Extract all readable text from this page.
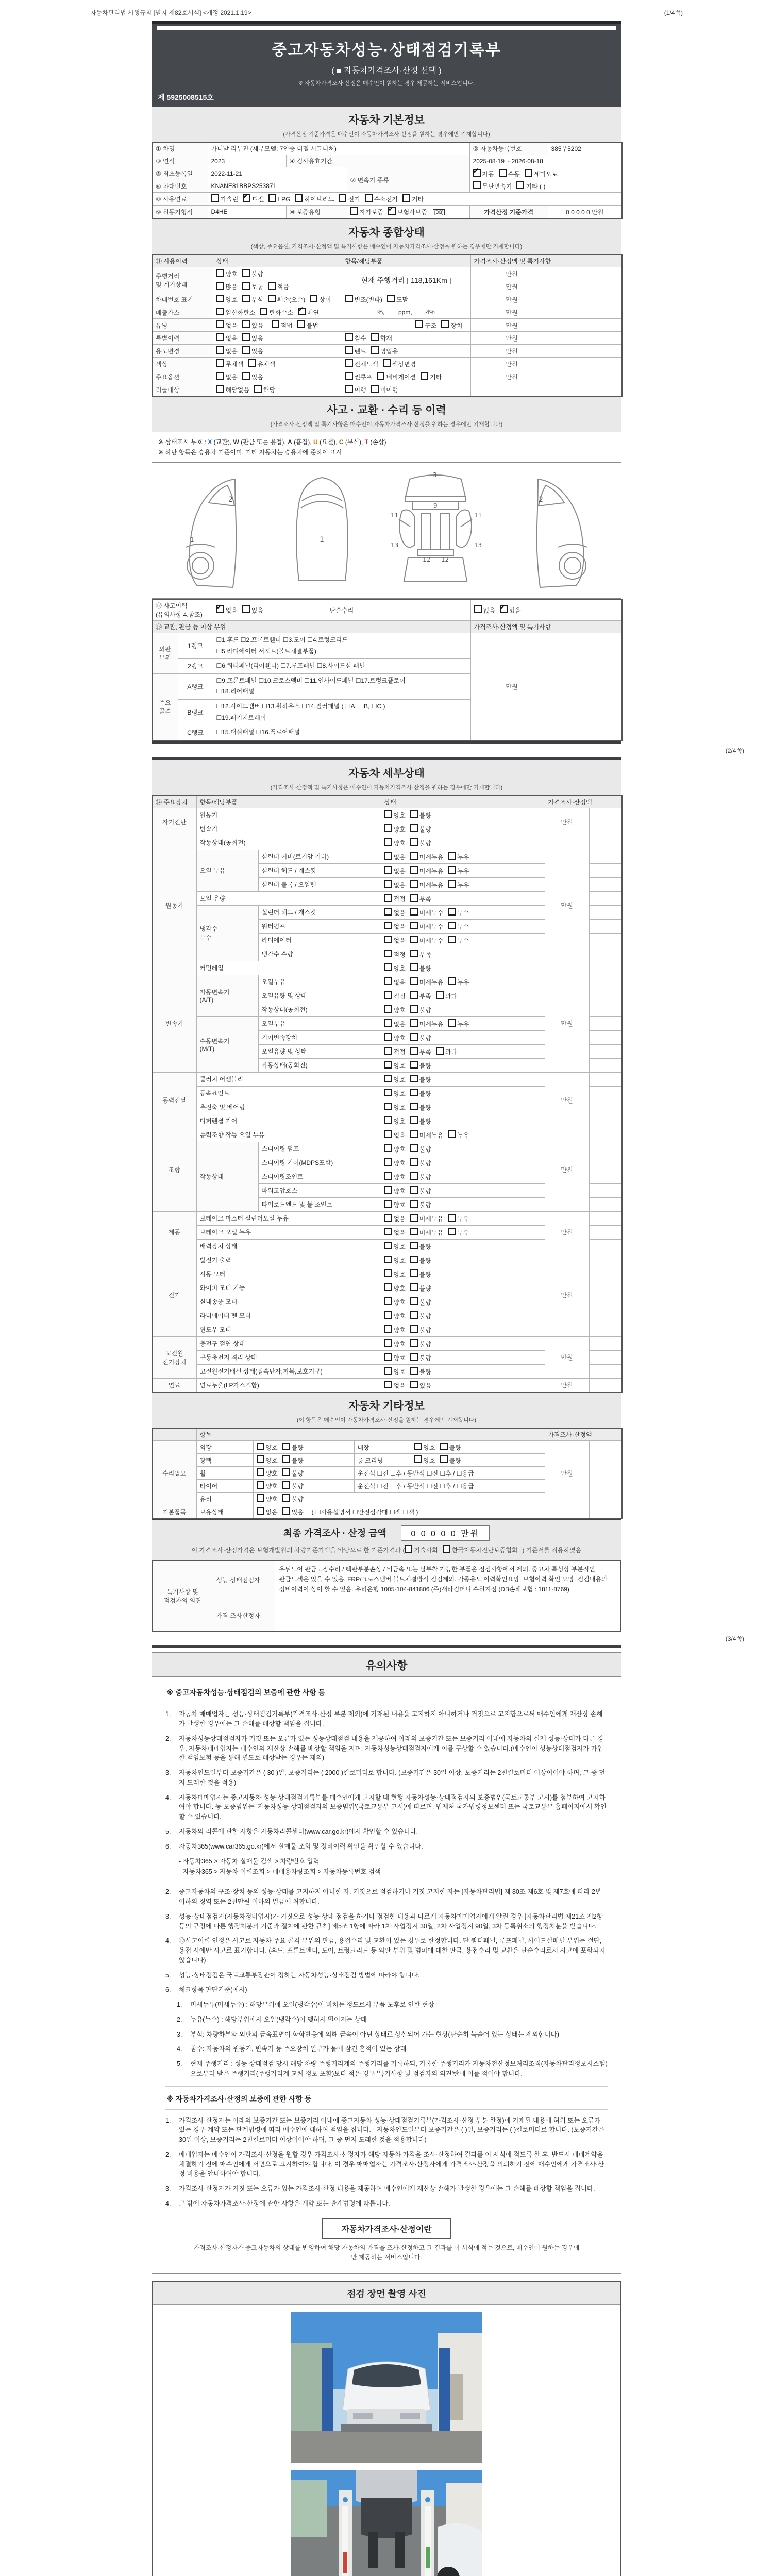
자동차관리법 시행규칙 [별지 제82호서식] <개정 2021.1.19>	(1/4쪽)
중고자동차성능·상태점검기록부
( ■ 자동차가격조사·산정 선택 )
※ 자동차가격조사·산정은 매수인이 원하는 경우 제공하는 서비스입니다.
제 5925008515호
자동차 기본정보
(가격산정 기준가격은 매수인이 자동차가격조사·산정을 원하는 경우에만 기재합니다)
① 차명	카니발 리무진 (세부모델: 7인승 디젤 시그니처)			② 자동차등록번호	385무5202
③ 연식	2023	④ 검사유효기간		2025-08-19 ~ 2026-08-18	
⑤ 최초등록일	2022-11-21		⑦ 변속기 종류	✔자동 수동 세미오토
⑥ 차대번호	KNANE81BBPS253871			무단변속기 기타 ( )	
⑧ 사용연료	가솔린 ✔ 디젤 LPG 하이브리드 전기 수소전기 기타
⑨ 원동기형식	D4HE	⑩ 보증유형	자가보증 ✔ 보험사보증 [DB]	가격산정 기준가격	0 0 0 0 0 만원
자동차 종합상태
(색상, 주요옵션, 가격조사·산정액 및 특기사항은 매수인이 자동차가격조사·산정을 원하는 경우에만 기재합니다)
⑪ 사용이력	상태	항목/해당부품	가격조사·산정액 및 특기사항	
주행거리
및 계기상태	양호 불량	현재 주행거리 [ 118,161Km ]	만원	
	많음 보통 적음		만원	
차대번호 표기	양호 부식 훼손(오손) 상이	변조(변타) 도말	만원	
배출가스	일산화탄소 탄화수소 ✔ 매연	%,        ppm,        4%	만원	
튜닝	없음 있음 적법 불법	구조 장치	만원	
특별이력	없음 있음	침수 화재	만원	
용도변경	없음 있음	렌트 영업용	만원	
색상	무채색 유채색	전체도색 색상변경	만원	
주요옵션	없음 있음	썬루프 네비게이션 기타	만원	
리콜대상	해당없음 해당	이행 미이행		
사고 · 교환 · 수리 등 이력
(가격조사·산정액 및 특기사항은 매수인이 자동차가격조사·산정을 원하는 경우에만 기재합니다)
※ 상태표시 부호 : X (교환), W (판금 또는 용접), A (흠집), U (요철), C (부식), T (손상)
※ 하단 항목은 승용차 기준이며, 기타 자동차는 승용차에 준하여 표시
2
1	1
3
9
11	11
13	13
12 12
2
⑫ 사고이력 (유의사항 4.참조)	✔없음 있음 단순수리	없음 ✔ 있음
⑬ 교환, 판금 등 이상 부위			가격조사·산정액 및 특기사항	
외판
부위	1랭크	☐1.후드 ☐2.프론트휀더 ☐3.도어 ☐4.트렁크리드
☐5.라디에이터 서포트(볼트체결부품)	만원	
	2랭크	☐6.쿼터패널(리어휀더) ☐7.루프패널 ☐8.사이드실 패널		
주요
골격	A랭크	☐9.프론트패널 ☐10.크로스멤버 ☐11.인사이드패널 ☐17.트렁크플로어
☐18.리어패널		
	B랭크	☐12.사이드멤버 ☐13.휠하우스 ☐14.필러패널 ( ☐A, ☐B, ☐C )
☐19.패키지트레이		
	C랭크	☐15.대쉬패널 ☐16.플로어패널		
(2/4쪽)
자동차 세부상태
(가격조사·산정액 및 특기사항은 매수인이 자동차가격조사·산정을 원하는 경우에만 기재합니다)
⑭ 주요장치	항목/해당부품		상태	가격조사·산정액	
자기진단	원동기		양호 불량	만원	
	변속기		양호 불량		
원동기	작동상태(공회전)		양호 불량	만원	
	오일 누유	실린더 커버(로커암 커버)	없음 미세누유 누유		
		실린더 헤드 / 개스킷	없음 미세누유 누유		
		실린더 블록 / 오일팬	없음 미세누유 누유		
	오일 유량		적정 부족		
	냉각수
누수	실린더 헤드 / 개스킷	없음 미세누수 누수		
		워터펌프	없음 미세누수 누수		
		라디에이터	없음 미세누수 누수		
		냉각수 수량	적정 부족		
	커먼레일		양호 불량		
변속기	자동변속기
(A/T)	오일누유	없음 미세누유 누유	만원	
		오일유량 및 상태	적정 부족 과다		
		작동상태(공회전)	양호 불량		
	수동변속기
(M/T)	오일누유	없음 미세누유 누유		
		기어변속장치	양호 불량		
		오일유량 및 상태	적정 부족 과다		
		작동상태(공회전)	양호 불량		
동력전달	클러치 어셈블리		양호 불량	만원	
	등속죠인트		양호 불량		
	추진축 및 베어링		양호 불량		
	디퍼렌셜 기어		양호 불량		
조향	동력조향 작동 오일 누유		없음 미세누유 누유	만원	
	작동상태	스티어링 펌프	양호 불량		
		스티어링 기어(MDPS포함)	양호 불량		
		스티어링조인트	양호 불량		
		파워고압호스	양호 불량		
		타이로드엔드 및 볼 조인트	양호 불량		
제동	브레이크 마스터 실린더오일 누유		없음 미세누유 누유	만원	
	브레이크 오일 누유		없음 미세누유 누유		
	배력장치 상태		양호 불량		
전기	발전기 출력		양호 불량	만원	
	시동 모터		양호 불량		
	와이퍼 모터 기능		양호 불량		
	실내송풍 모터		양호 불량		
	라디에이터 팬 모터		양호 불량		
	윈도우 모터		양호 불량		
고전원
전기장치	충전구 절연 상태		양호 불량	만원	
	구동축전지 격리 상태		양호 불량		
	고전원전기배선 상태(접속단자,피복,보호기구)		양호 불량		
연료	연료누출(LP가스포함)		없음 있음	만원	
자동차 기타정보
(이 항목은 매수인이 자동차가격조사·산정을 원하는 경우에만 기재합니다)
	항목				가격조사·산정액	
수리필요	외장	양호 불량	내장	양호 불량	만원	
	광택	양호 불량	룸 크리닝	양호 불량		
	휠	양호 불량	운전석 ☐전 ☐후 / 동반석 ☐전 ☐후 / ☐응급			
	타이어	양호 불량	운전석 ☐전 ☐후 / 동반석 ☐전 ☐후 / ☐응급			
	유리	양호 불량				
기본품목	보유상태	없음 있음 ( ☐사용설명서 ☐안전삼각대 ☐잭 ☐잭 )				
최종 가격조사 · 산정 금액	0 0 0 0 0 만원
이 가격조사·산정가격은 보험개발원의 차량기준가액을 바탕으로 한 기준가격과 ( 기술사회 한국자동차진단보증협회 ) 기준서를 적용하였음
특기사항 및
점검자의 의견	성능·상태점검자	우뒤도어 판금도장수리 / 빽판부분손상 / 비금속 또는 탈부착 가능한 부품은 점검사항에서 제외. 중고차 특성상 부분적인 판금도색은 있을 수 있음. FRP/크로스멤버 볼트체결방식 점검제외. 각종용도 이력확인요망. 보험이력 확인 요망. 점검내용과 정비이력이 상이 할 수 있음. 우리은행 1005-104-841806 (주)새라컴퍼니 수원지점 (DB손해보험 : 1811-8769)
	가격·조사산정자	
(3/4쪽)
유의사항
※ 중고자동차성능·상태점검의 보증에 관한 사항 등
1.	자동차 매매업자는 성능·상태점검기록부(가격조사·산정 부분 제외)에 기재된 내용을 고지하지 아니하거나 거짓으로 고지함으로써 매수인에게 재산상 손해가 발생한 경우에는 그 손해를 배상할 책임을 집니다.
2.	자동차성능상태점검자가 거짓 또는 오류가 있는 성능상태점검 내용을 제공하여 아래의 보증기간 또는 보증거리 이내에 자동차의 실제 성능·상태가 다른 경우, 자동차매매업자는 매수인의 재산상 손해를 배상할 책임을 지며, 자동차성능상태점검자에게 이를 구상할 수 있습니다.(매수인이 성능상태점검자가 가입한 책임보험 등을 통해 별도로 배상받는 경우는 제외)
3.	자동차인도일부터 보증기간은 ( 30 )일, 보증거리는 ( 2000 )킬로미터로 합니다. (보증기간은 30일 이상, 보증거리는 2천킬로미터 이상이어야 하며, 그 중 먼저 도래한 것을 적용)
4.	자동차매매업자는 중고자동차 성능·상태점검기록부를 매수인에게 고지할 때 현행 자동차성능·상태점검자의 보증범위(국토교통부 고시)를 첨부하여 고지하여야 합니다. 동 보증범위는 '자동차성능·상태점검자의 보증범위'(국토교통부 고시)에 따르며, 법제처 국가법령정보센터 또는 국토교통부 홈페이지에서 확인할 수 있습니다.
5.	자동차의 리콜에 관한 사항은 자동차리콜센터(www.car.go.kr)에서 확인할 수 있습니다.
6.	자동차365(www.car365.go.kr)에서 실매물 조회 및 정비이력 확인을 확인할 수 있습니다.
- 자동차365 > 자동차 실매물 검색 > 차량번호 입력
- 자동차365 > 자동차 이력조회 > 매매용차량조회 > 자동차등록번호 검색
2.	중고자동차의 구조·장치 등의 성능·상태를 고지하지 아니한 자, 거짓으로 점검하거나 거짓 고지한 자는 [자동차관리법] 제 80조 제6호 및 제7호에 따라 2년 이하의 징역 또는 2천만원 이하의 벌금에 처합니다.
3.	성능·상태점검자(자동차정비업자)가 거짓으로 성능·상태 점검을 하거나 점검한 내용과 다르게 자동차매매업자에게 알린 경우 [자동차관리법 제21조 제2항 등의 규정에 따른 행정처분의 기준과 절차에 관한 규칙] 제5조 1항에 따라 1차 사업정지 30일, 2차 사업정지 90일, 3차 등록취소의 행정처분을 받습니다.
4.	⑫사고이력 인정은 사고로 자동차 주요 골격 부위의 판금, 용접수리 및 교환이 있는 경우로 한정합니다. 단 쿼터패널, 루프패널, 사이드실패널 부위는 절단, 용접 시에만 사고로 표기합니다. (후드, 프론트펜더, 도어, 트렁크리드 등 외판 부위 및 범퍼에 대한 판금, 용접수리 및 교환은 단순수리로서 사고에 포함되지 않습니다)
5.	성능·상태점검은 국토교통부장관이 정하는 자동차성능·상태점검 방법에 따라야 합니다.
6.	체크항목 판단기준(예시)
1.	미세누유(미세누수) : 해당부위에 오일(냉각수)이 비치는 정도로서 부품 노후로 인한 현상
2.	누유(누수) : 해당부위에서 오일(냉각수)이 맺혀서 떨어지는 상태
3.	부식: 차량하부와 외판의 금속표면이 화학반응에 의해 금속이 아닌 상태로 상실되어 가는 현상(단순히 녹슬어 있는 상태는 제외합니다)
4.	침수: 자동차의 원동기, 변속기 등 주요장치 일부가 물에 잠긴 흔적이 있는 상태
5.	현재 주행거리 : 성능·상태점검 당시 해당 차량 주행거리계의 주행거리를 기록하되, 기록한 주행거리가 자동차전산정보처리조직(자동차관리정보시스템)으로부터 받은 주행거리(주행거리계 교체 정보 포함)보다 적은 경우 '특기사항 및 점검자의 의견'란에 이를 적어야 합니다.
※ 자동차가격조사·산정의 보증에 관한 사항 등
1.	가격조사·산정자는 아래의 보증기간 또는 보증거리 이내에 중고자동차 성능·상태점검기록부(가격조사·산정 부분 한정)에 기재된 내용에 허위 또는 오류가 있는 경우 계약 또는 관계법령에 따라 매수인에 대하여 책임을 집니다. · 자동차인도일부터 보증기간은 ( )일, 보증거리는 ( )킬로미터로 합니다. (보증기간은 30일 이상, 보증거리는 2천킬로미터 이상이어야 하며, 그 중 먼저 도래한 것을 적용합니다)
2.	매매업자는 매수인이 가격조사·산정을 원할 경우 가격조사·산정자가 해당 자동차 가격을 조사·산정하여 결과를 이 서식에 적도록 한 후, 반드시 매매계약을 체결하기 전에 매수인에게 서면으로 고지하여야 합니다. 이 경우 매매업자는 가격조사·산정자에게 가격조사·산정을 의뢰하기 전에 매수인에게 가격조사·산정 비용을 안내하여야 합니다.
3.	가격조사·산정자가 거짓 또는 오류가 있는 가격조사·산정 내용을 제공하여 매수인에게 재산상 손해가 발생한 경우에는 그 손해를 배상할 책임을 집니다.
4.	그 밖에 자동차가격조사·산정에 관한 사항은 계약 또는 관계법령에 따릅니다.
자동차가격조사·산정이란
가격조사·산정자가 중고자동차의 상태를 반영하여 해당 자동차의 가격을 조사·산정하고 그 결과를 이 서식에 적는 것으로, 매수인이 원하는 경우에만 제공하는 서비스입니다.
점검 장면 촬영 사진
